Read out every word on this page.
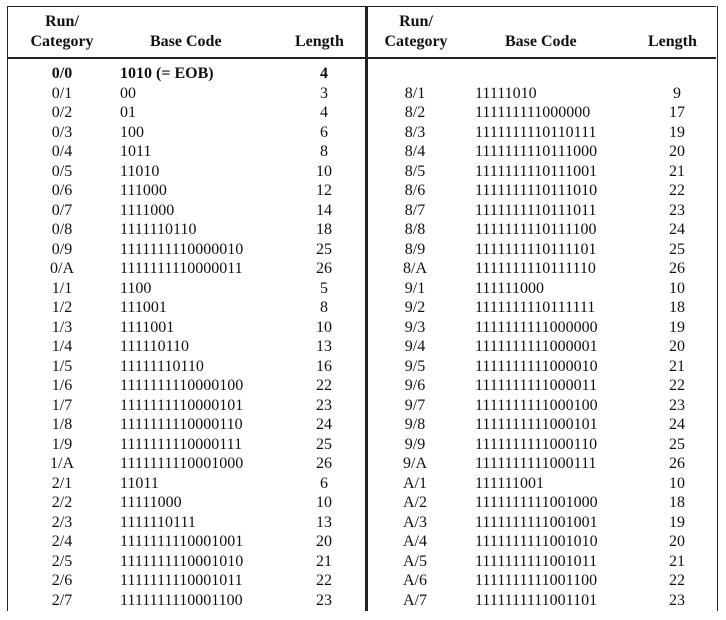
Run/
Category	Base Code	Length
Run/
Category	Base Code	Length
0/0	1010 (= EOB)	4
0/1	00	3
0/2	01	4
0/3	100	6
0/4	1011	8
0/5	11010	10
0/6	111000	12
0/7	1111000	14
0/8	1111110110	18
0/9	1111111110000010	25
0/A	1111111110000011	26
1/1	1100	5
1/2	111001	8
1/3	1111001	10
1/4	111110110	13
1/5	11111110110	16
1/6	1111111110000100	22
1/7	1111111110000101	23
1/8	1111111110000110	24
1/9	1111111110000111	25
1/A	1111111110001000	26
2/1	11011	6
2/2	11111000	10
2/3	1111110111	13
2/4	1111111110001001	20
2/5	1111111110001010	21
2/6	1111111110001011	22
2/7	1111111110001100	23
8/1	11111010	9
8/2	111111111000000	17
8/3	1111111110110111	19
8/4	1111111110111000	20
8/5	1111111110111001	21
8/6	1111111110111010	22
8/7	1111111110111011	23
8/8	1111111110111100	24
8/9	1111111110111101	25
8/A	1111111110111110	26
9/1	111111000	10
9/2	1111111110111111	18
9/3	1111111111000000	19
9/4	1111111111000001	20
9/5	1111111111000010	21
9/6	1111111111000011	22
9/7	1111111111000100	23
9/8	1111111111000101	24
9/9	1111111111000110	25
9/A	1111111111000111	26
A/1	111111001	10
A/2	1111111111001000	18
A/3	1111111111001001	19
A/4	1111111111001010	20
A/5	1111111111001011	21
A/6	1111111111001100	22
A/7	1111111111001101	23
